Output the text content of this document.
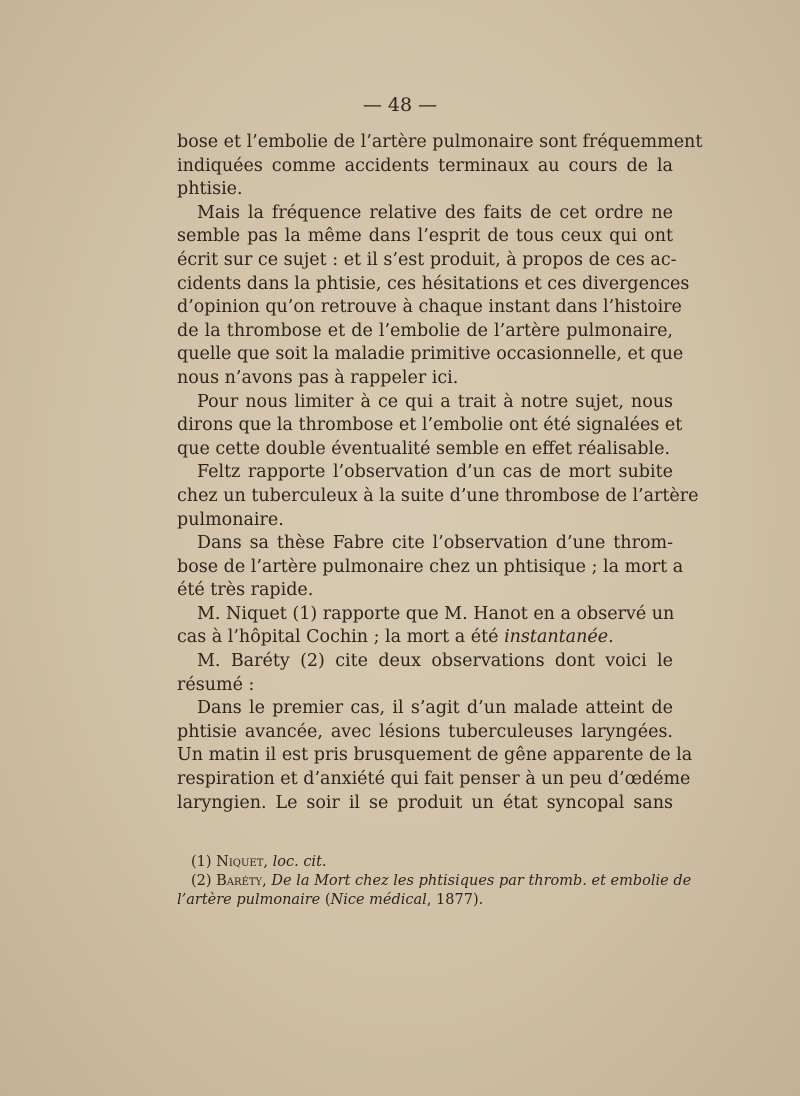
— 48 —
bose et l’embolie de l’artère pulmonaire sont fréquemment
indiquées comme accidents terminaux au cours de la
phtisie.
Mais la fréquence relative des faits de cet ordre ne
semble pas la même dans l’esprit de tous ceux qui ont
écrit sur ce sujet : et il s’est produit, à propos de ces ac-
cidents dans la phtisie, ces hésitations et ces divergences
d’opinion qu’on retrouve à chaque instant dans l’histoire
de la thrombose et de l’embolie de l’artère pulmonaire,
quelle que soit la maladie primitive occasionnelle, et que
nous n’avons pas à rappeler ici.
Pour nous limiter à ce qui a trait à notre sujet, nous
dirons que la thrombose et l’embolie ont été signalées et
que cette double éventualité semble en effet réalisable.
Feltz rapporte l’observation d’un cas de mort subite
chez un tuberculeux à la suite d’une thrombose de l’artère
pulmonaire.
Dans sa thèse Fabre cite l’observation d’une throm-
bose de l’artère pulmonaire chez un phtisique ; la mort a
été très rapide.
M. Niquet (1) rapporte que M. Hanot en a observé un
cas à l’hôpital Cochin ; la mort a été instantanée.
M. Baréty (2) cite deux observations dont voici le
résumé :
Dans le premier cas, il s’agit d’un malade atteint de
phtisie avancée, avec lésions tuberculeuses laryngées.
Un matin il est pris brusquement de gêne apparente de la
respiration et d’anxiété qui fait penser à un peu d’œdéme
laryngien. Le soir il se produit un état syncopal sans
(1) Niquet, loc. cit.
(2) Baréty, De la Mort chez les phtisiques par thromb. et embolie de
l’artère pulmonaire (Nice médical, 1877).
